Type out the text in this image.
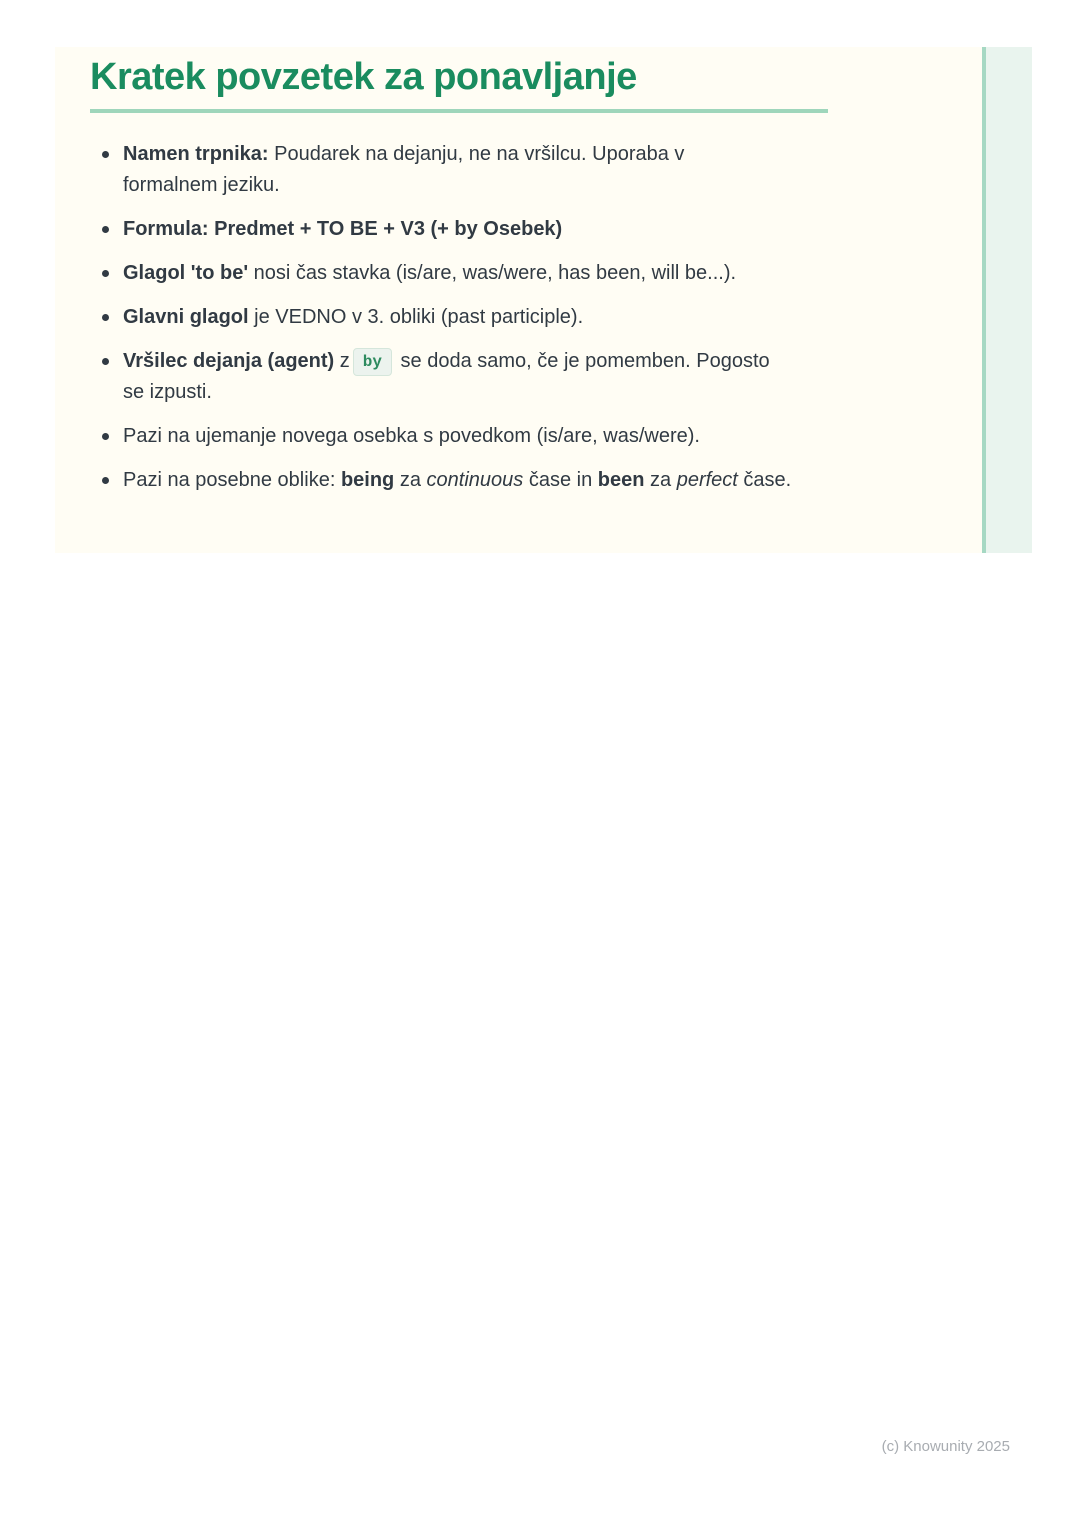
Kratek povzetek za ponavljanje
Namen trpnika: Poudarek na dejanju, ne na vršilcu. Uporaba v
formalnem jeziku.
Formula: Predmet + TO BE + V3 (+ by Osebek)
Glagol 'to be' nosi čas stavka (is/are, was/were, has been, will be...).
Glavni glagol je VEDNO v 3. obliki (past participle).
Vršilec dejanja (agent) z by se doda samo, če je pomemben. Pogosto
se izpusti.
Pazi na ujemanje novega osebka s povedkom (is/are, was/were).
Pazi na posebne oblike: being za continuous čase in been za perfect čase.
(c) Knowunity 2025
